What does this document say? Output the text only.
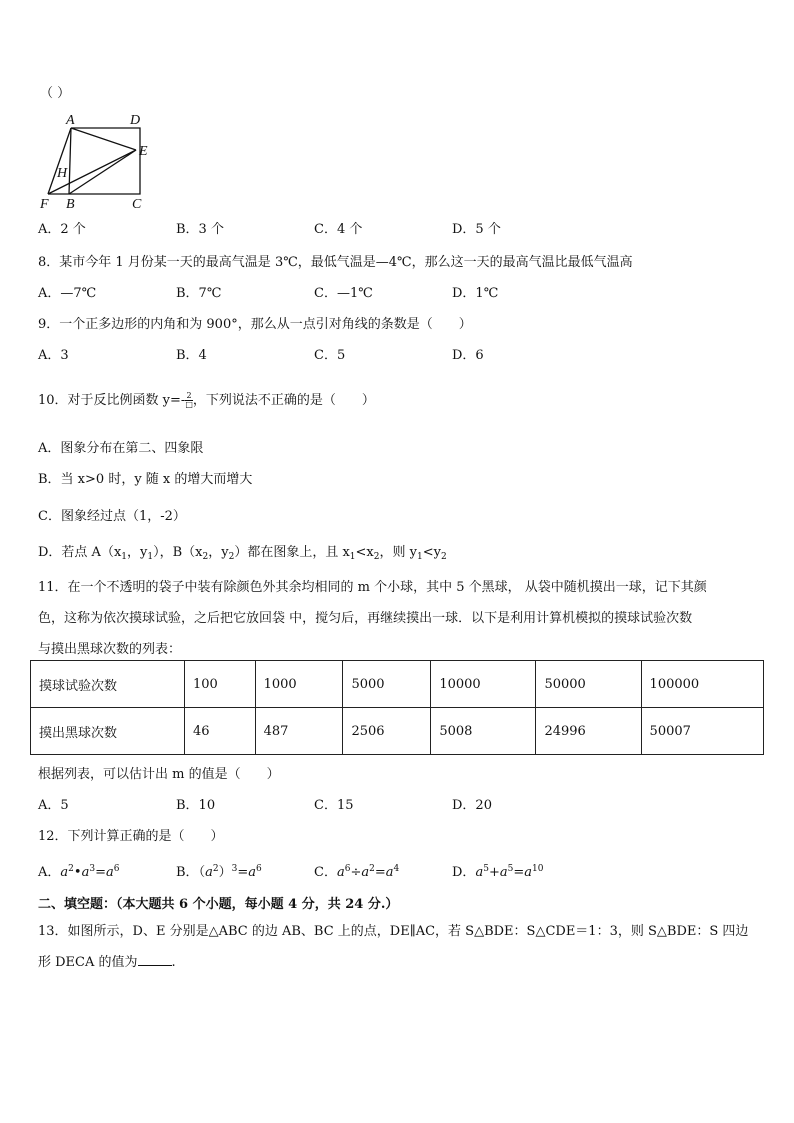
（ ）
A	D
E
H
F B	C
A．2 个	B．3 个	C．4 个	D．5 个
8．某市今年 1 月份某一天的最高气温是 3℃，最低气温是—4℃，那么这一天的最高气温比最低气温高
A．—7℃	B．7℃	C．—1℃	D．1℃
9．一个正多边形的内角和为 900°，那么从一点引对角线的条数是（　　）
A．3	B．4	C．5	D．6
10．对于反比例函数 $y=- \frac{2}{□}$ ，下列说法不正确的是（　　）
A．图象分布在第二、四象限
B．当 x>0 时，y 随 x 的增大而增大
C．图象经过点（1，-2）
D．若点 $A(x_1$，$y_1$），$B(x_2$，$y_2$）都在图象上，且 $x_1<x_2$，则 $y_1<y_2$
11．在一个不透明的袋子中装有除颜色外其余均相同的 m 个小球，其中 5 个黑球， 从袋中随机摸出一球，记下其颜
色，这称为依次摸球试验，之后把它放回袋 中，搅匀后，再继续摸出一球．以下是利用计算机模拟的摸球试验次数
与摸出黑球次数的列表：
摸球试验次数	100	1000	5000	10000	50000	100000
摸出黑球次数	46	487	2506	5008	24996	50007
根据列表，可以估计出 m 的值是（　　）
A．5	B．10	C．15	D．20
12．下列计算正确的是（　　）
A．$a^2•a^3=a^6$	B．$(a^2)^3=a^6$	C．$a^6\div a^2=a^4$	D．$a^5+a^5=a^{10}$
二、填空题：（本大题共 6 个小题，每小题 4 分，共 24 分.）
13．如图所示，D、E 分别是△ABC 的边 AB、BC 上的点，DE∥AC，若 S△BDE：S△CDE＝1：3，则 S△BDE：S 四边
形 DECA 的值为	.
